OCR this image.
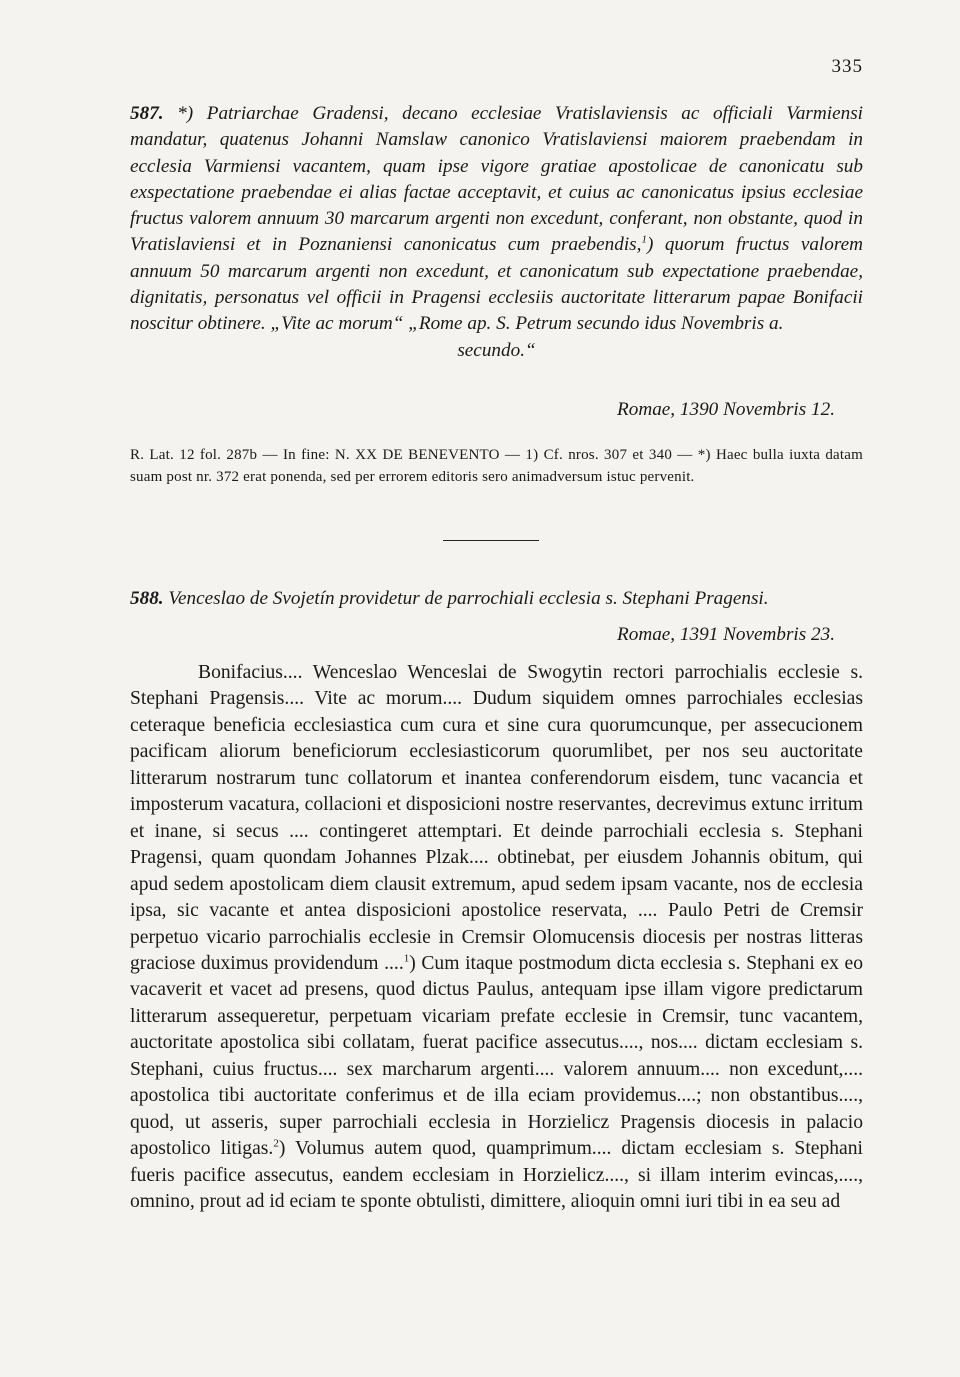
335
587. *) Patriarchae Gradensi, decano ecclesiae Vratislaviensis ac officiali Varmiensi mandatur, quatenus Johanni Namslaw canonico Vratislaviensi maiorem praebendam in ecclesia Varmiensi vacantem, quam ipse vigore gratiae apostolicae de canonicatu sub exspectatione praebendae ei alias factae acceptavit, et cuius ac canonicatus ipsius ecclesiae fructus valorem annuum 30 marcarum argenti non excedunt, conferant, non obstante, quod in Vratislaviensi et in Poznaniensi canonicatus cum praebendis,$^1$) quorum fructus valorem annuum 50 marcarum argenti non excedunt, et canonicatum sub expectatione praebendae, dignitatis, personatus vel officii in Pragensi ecclesiis auctoritate litterarum papae Bonifacii noscitur obtinere. „Vite ac morum“ „Rome ap. S. Petrum secundo idus Novembris a.
secundo.“
Romae, 1390 Novembris 12.
R. Lat. 12 fol. 287b — In fine: N. XX DE BENEVENTO — 1) Cf. nros. 307 et 340 — *) Haec bulla iuxta datam suam post nr. 372 erat ponenda, sed per errorem editoris sero animadversum istuc pervenit.
588. Venceslao de Svojetín providetur de parrochiali ecclesia s. Stephani Pragensi.
Romae, 1391 Novembris 23.
Bonifacius.... Wenceslao Wenceslai de Swogytin rectori parrochialis ecclesie s. Stephani Pragensis.... Vite ac morum.... Dudum siquidem omnes parrochiales ecclesias ceteraque beneficia ecclesiastica cum cura et sine cura quorumcunque, per assecucionem pacificam aliorum beneficiorum ecclesiasticorum quorumlibet, per nos seu auctoritate litterarum nostrarum tunc collatorum et inantea conferendorum eisdem, tunc vacancia et imposterum vacatura, collacioni et disposicioni nostre reservantes, decrevimus extunc irritum et inane, si secus .... contingeret attemptari. Et deinde parrochiali ecclesia s. Stephani Pragensi, quam quondam Johannes Plzak.... obtinebat, per eiusdem Johannis obitum, qui apud sedem apostolicam diem clausit extremum, apud sedem ipsam vacante, nos de ecclesia ipsa, sic vacante et antea disposicioni apostolice reservata, .... Paulo Petri de Cremsir perpetuo vicario parrochialis ecclesie in Cremsir Olomucensis diocesis per nostras litteras graciose duximus providendum ....$^1$) Cum itaque postmodum dicta ecclesia s. Stephani ex eo vacaverit et vacet ad presens, quod dictus Paulus, antequam ipse illam vigore predictarum litterarum assequeretur, perpetuam vicariam prefate ecclesie in Cremsir, tunc vacantem, auctoritate apostolica sibi collatam, fuerat pacifice assecutus...., nos.... dictam ecclesiam s. Stephani, cuius fructus.... sex marcharum argenti.... valorem annuum.... non excedunt,.... apostolica tibi auctoritate conferimus et de illa eciam providemus....; non obstantibus...., quod, ut asseris, super parrochiali ecclesia in Horzielicz Pragensis diocesis in palacio apostolico litigas.$^2$) Volumus autem quod, quamprimum.... dictam ecclesiam s. Stephani fueris pacifice assecutus, eandem ecclesiam in Horzielicz...., si illam interim evincas,...., omnino, prout ad id eciam te sponte obtulisti, dimittere, alioquin omni iuri tibi in ea seu ad
